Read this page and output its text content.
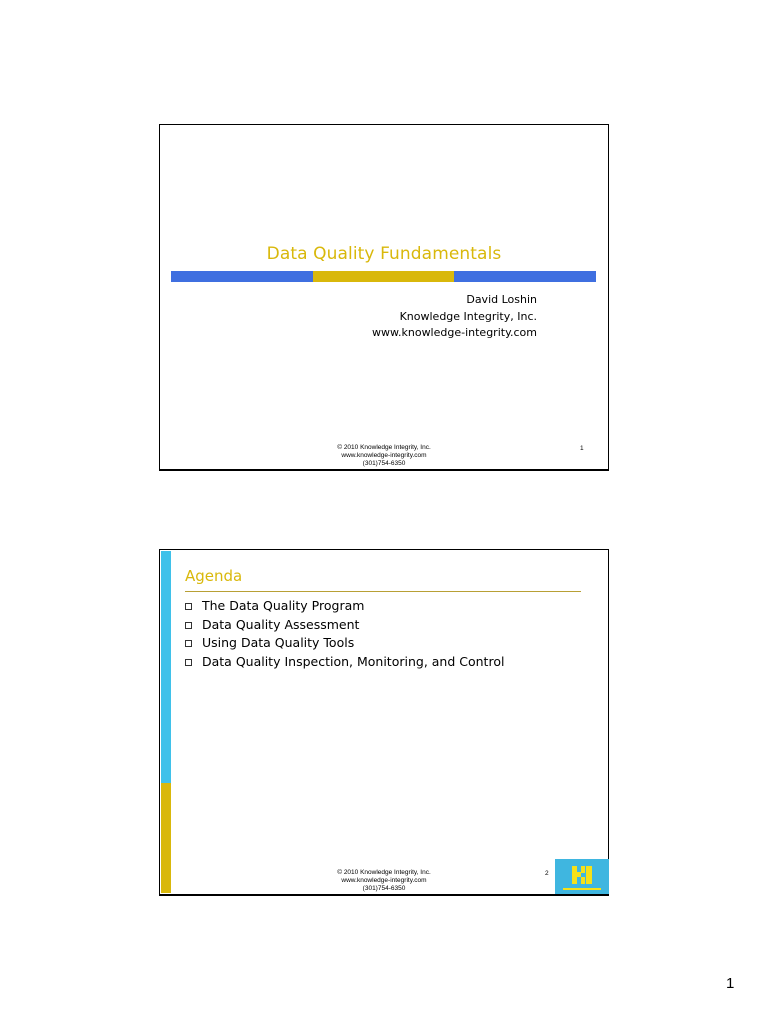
Data Quality Fundamentals
David Loshin
Knowledge Integrity, Inc.
www.knowledge-integrity.com
© 2010 Knowledge Integrity, Inc.
www.knowledge-integrity.com
(301)754-6350
1
Agenda
The Data Quality Program
Data Quality Assessment
Using Data Quality Tools
Data Quality Inspection, Monitoring, and Control
© 2010 Knowledge Integrity, Inc.
www.knowledge-integrity.com
(301)754-6350
2
1
